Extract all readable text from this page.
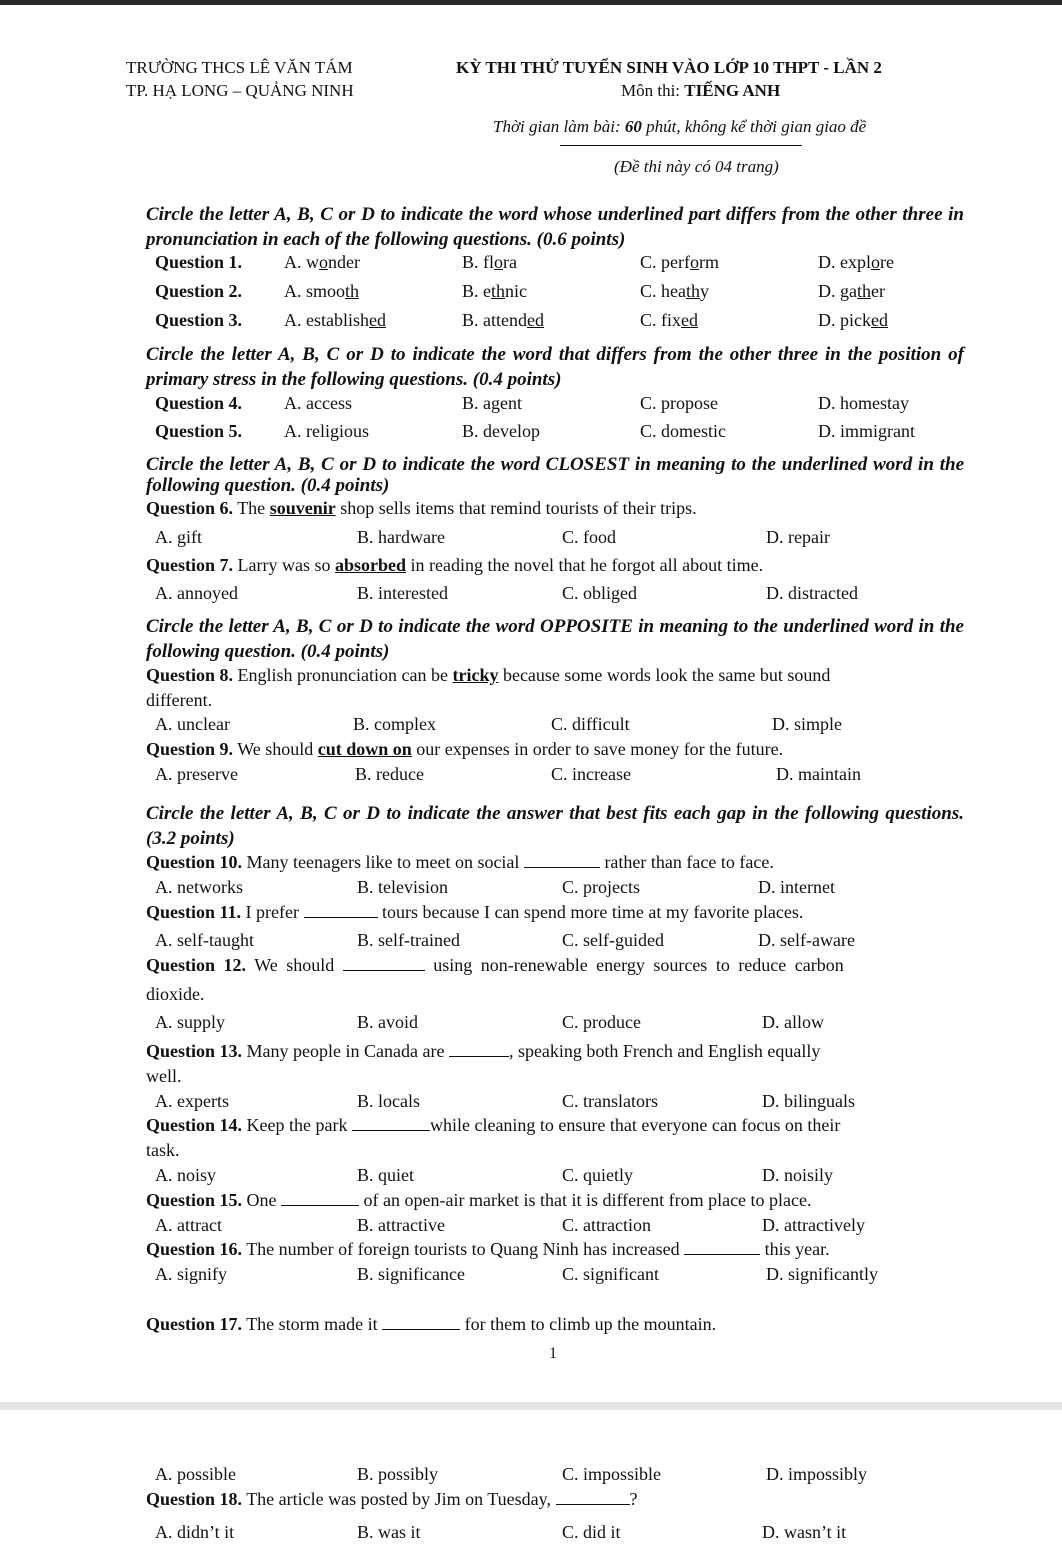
TRƯỜNG THCS LÊ VĂN TÁM
TP. HẠ LONG – QUẢNG NINH
KỲ THI THỬ TUYỂN SINH VÀO LỚP 10 THPT - LẦN 2
Môn thi: TIẾNG ANH
Thời gian làm bài: 60 phút, không kể thời gian giao đề
(Đề thi này có 04 trang)
Circle the letter A, B, C or D to indicate the word whose underlined part differs from the other three in pronunciation in each of the following questions. (0.6 points)
Question 1. A. wonder	B. flora	C. perform	D. explore
Question 2. A. smooth	B. ethnic	C. heathy	D. gather
Question 3. A. established	B. attended	C. fixed	D. picked
Circle the letter A, B, C or D to indicate the word that differs from the other three in the position of primary stress in the following questions. (0.4 points)
Question 4. A. access	B. agent	C. propose	D. homestay
Question 5. A. religious	B. develop	C. domestic	D. immigrant
Circle the letter A, B, C or D to indicate the word CLOSEST in meaning to the underlined word in the following question. (0.4 points)
Question 6. The souvenir shop sells items that remind tourists of their trips.
A. gift	B. hardware	C. food	D. repair
Question 7. Larry was so absorbed in reading the novel that he forgot all about time.
A. annoyed	B. interested	C. obliged	D. distracted
Circle the letter A, B, C or D to indicate the word OPPOSITE in meaning to the underlined word in the following question. (0.4 points)
Question 8. English pronunciation can be tricky because some words look the same but sound
different.
A. unclear	B. complex	C. difficult	D. simple
Question 9. We should cut down on our expenses in order to save money for the future.
A. preserve	B. reduce	C. increase	D. maintain
Circle the letter A, B, C or D to indicate the answer that best fits each gap in the following questions. (3.2 points)
Question 10. Many teenagers like to meet on social	rather than face to face.
A. networks	B. television	C. projects	D. internet
Question 11. I prefer	tours because I can spend more time at my favorite places.
A. self-taught	B. self-trained	C. self-guided	D. self-aware
Question 12. We should	using non-renewable energy sources to reduce carbon
dioxide.
A. supply	B. avoid	C. produce	D. allow
Question 13. Many people in Canada are	, speaking both French and English equally
well.
A. experts	B. locals	C. translators	D. bilinguals
Question 14. Keep the park	while cleaning to ensure that everyone can focus on their
task.
A. noisy	B. quiet	C. quietly	D. noisily
Question 15. One	of an open-air market is that it is different from place to place.
A. attract	B. attractive	C. attraction	D. attractively
Question 16. The number of foreign tourists to Quang Ninh has increased	this year.
A. signify	B. significance	C. significant	D. significantly
Question 17. The storm made it	for them to climb up the mountain.
1
A. possible	B. possibly	C. impossible	D. impossibly
Question 18. The article was posted by Jim on Tuesday,	?
A. didn’t it	B. was it	C. did it	D. wasn’t it
